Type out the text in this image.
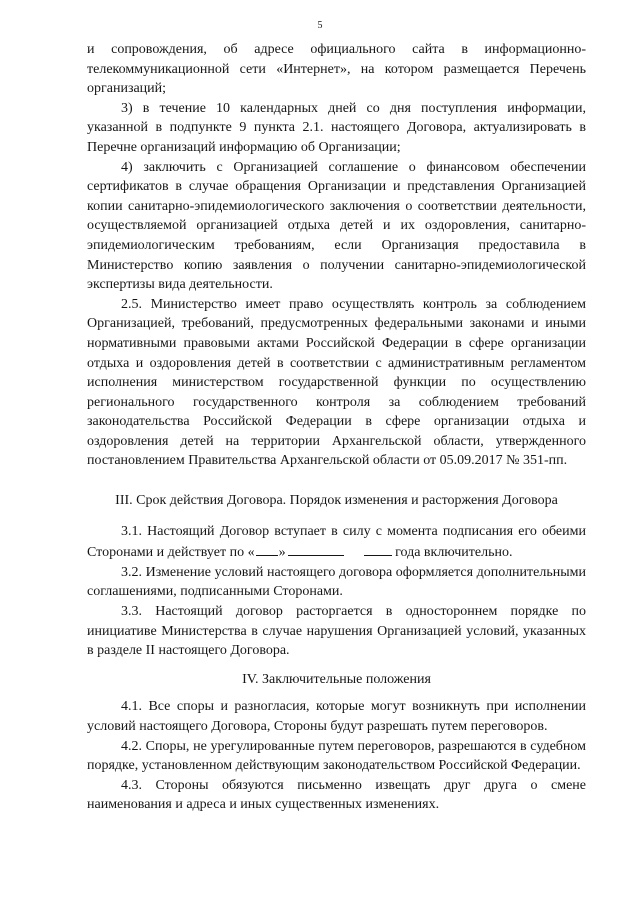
5

и сопровождения, об адресе официального сайта в информационно-телекоммуникационной сети «Интернет», на котором размещается Перечень организаций;

3) в течение 10 календарных дней со дня поступления информации, указанной в подпункте 9 пункта 2.1. настоящего Договора, актуализировать в Перечне организаций информацию об Организации;

4) заключить с Организацией соглашение о финансовом обеспечении сертификатов в случае обращения Организации и представления Организацией копии санитарно-эпидемиологического заключения о соответствии деятельности, осуществляемой организацией отдыха детей и их оздоровления, санитарно-эпидемиологическим требованиям, если Организация предоставила в Министерство копию заявления о получении санитарно-эпидемиологической экспертизы вида деятельности.

2.5. Министерство имеет право осуществлять контроль за соблюдением Организацией, требований, предусмотренных федеральными законами и иными нормативными правовыми актами Российской Федерации в сфере организации отдыха и оздоровления детей в соответствии с административным регламентом исполнения министерством государственной функции по осуществлению регионального государственного контроля за соблюдением требований законодательства Российской Федерации в сфере организации отдыха и оздоровления детей на территории Архангельской области, утвержденного постановлением Правительства Архангельской области от 05.09.2017 № 351-пп.

III. Срок действия Договора. Порядок изменения и расторжения Договора

3.1. Настоящий Договор вступает в силу с момента подписания его обеими Сторонами и действует по « »	года включительно.

3.2. Изменение условий настоящего договора оформляется дополнительными соглашениями, подписанными Сторонами.

3.3. Настоящий договор расторгается в одностороннем порядке по инициативе Министерства в случае нарушения Организацией условий, указанных в разделе II настоящего Договора.

IV. Заключительные положения

4.1. Все споры и разногласия, которые могут возникнуть при исполнении условий настоящего Договора, Стороны будут разрешать путем переговоров.

4.2. Споры, не урегулированные путем переговоров, разрешаются в судебном порядке, установленном действующим законодательством Российской Федерации.

4.3. Стороны обязуются письменно извещать друг друга о смене наименования и адреса и иных существенных изменениях.
